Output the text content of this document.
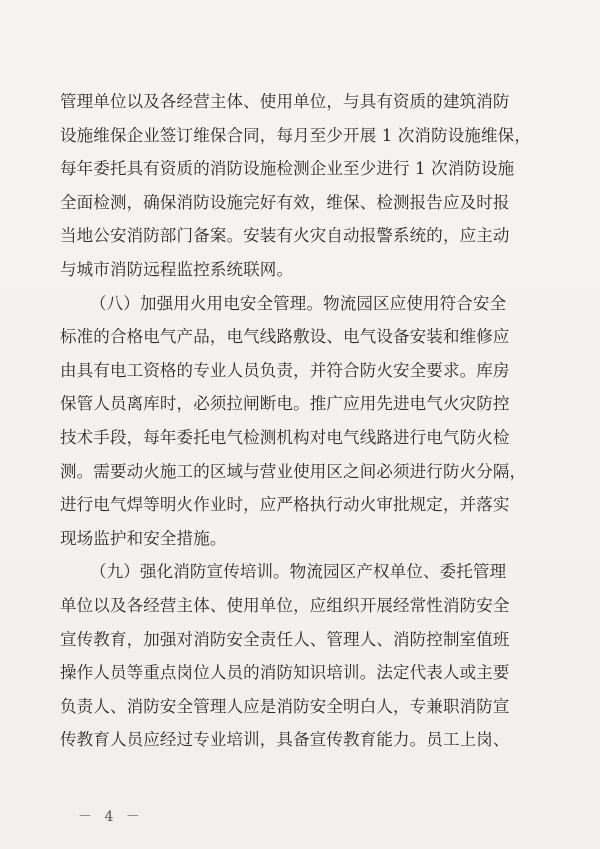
管理单位以及各经营主体、使用单位，与具有资质的建筑消防
设施维保企业签订维保合同，每月至少开展 1 次消防设施维保，
每年委托具有资质的消防设施检测企业至少进行 1 次消防设施
全面检测，确保消防设施完好有效，维保、检测报告应及时报
当地公安消防部门备案。安装有火灾自动报警系统的，应主动
与城市消防远程监控系统联网。
（八）加强用火用电安全管理。物流园区应使用符合安全
标准的合格电气产品，电气线路敷设、电气设备安装和维修应
由具有电工资格的专业人员负责，并符合防火安全要求。库房
保管人员离库时，必须拉闸断电。推广应用先进电气火灾防控
技术手段，每年委托电气检测机构对电气线路进行电气防火检
测。需要动火施工的区域与营业使用区之间必须进行防火分隔，
进行电气焊等明火作业时，应严格执行动火审批规定，并落实
现场监护和安全措施。
（九）强化消防宣传培训。物流园区产权单位、委托管理
单位以及各经营主体、使用单位，应组织开展经常性消防安全
宣传教育，加强对消防安全责任人、管理人、消防控制室值班
操作人员等重点岗位人员的消防知识培训。法定代表人或主要
负责人、消防安全管理人应是消防安全明白人，专兼职消防宣
传教育人员应经过专业培训，具备宣传教育能力。员工上岗、
－ 4 －
